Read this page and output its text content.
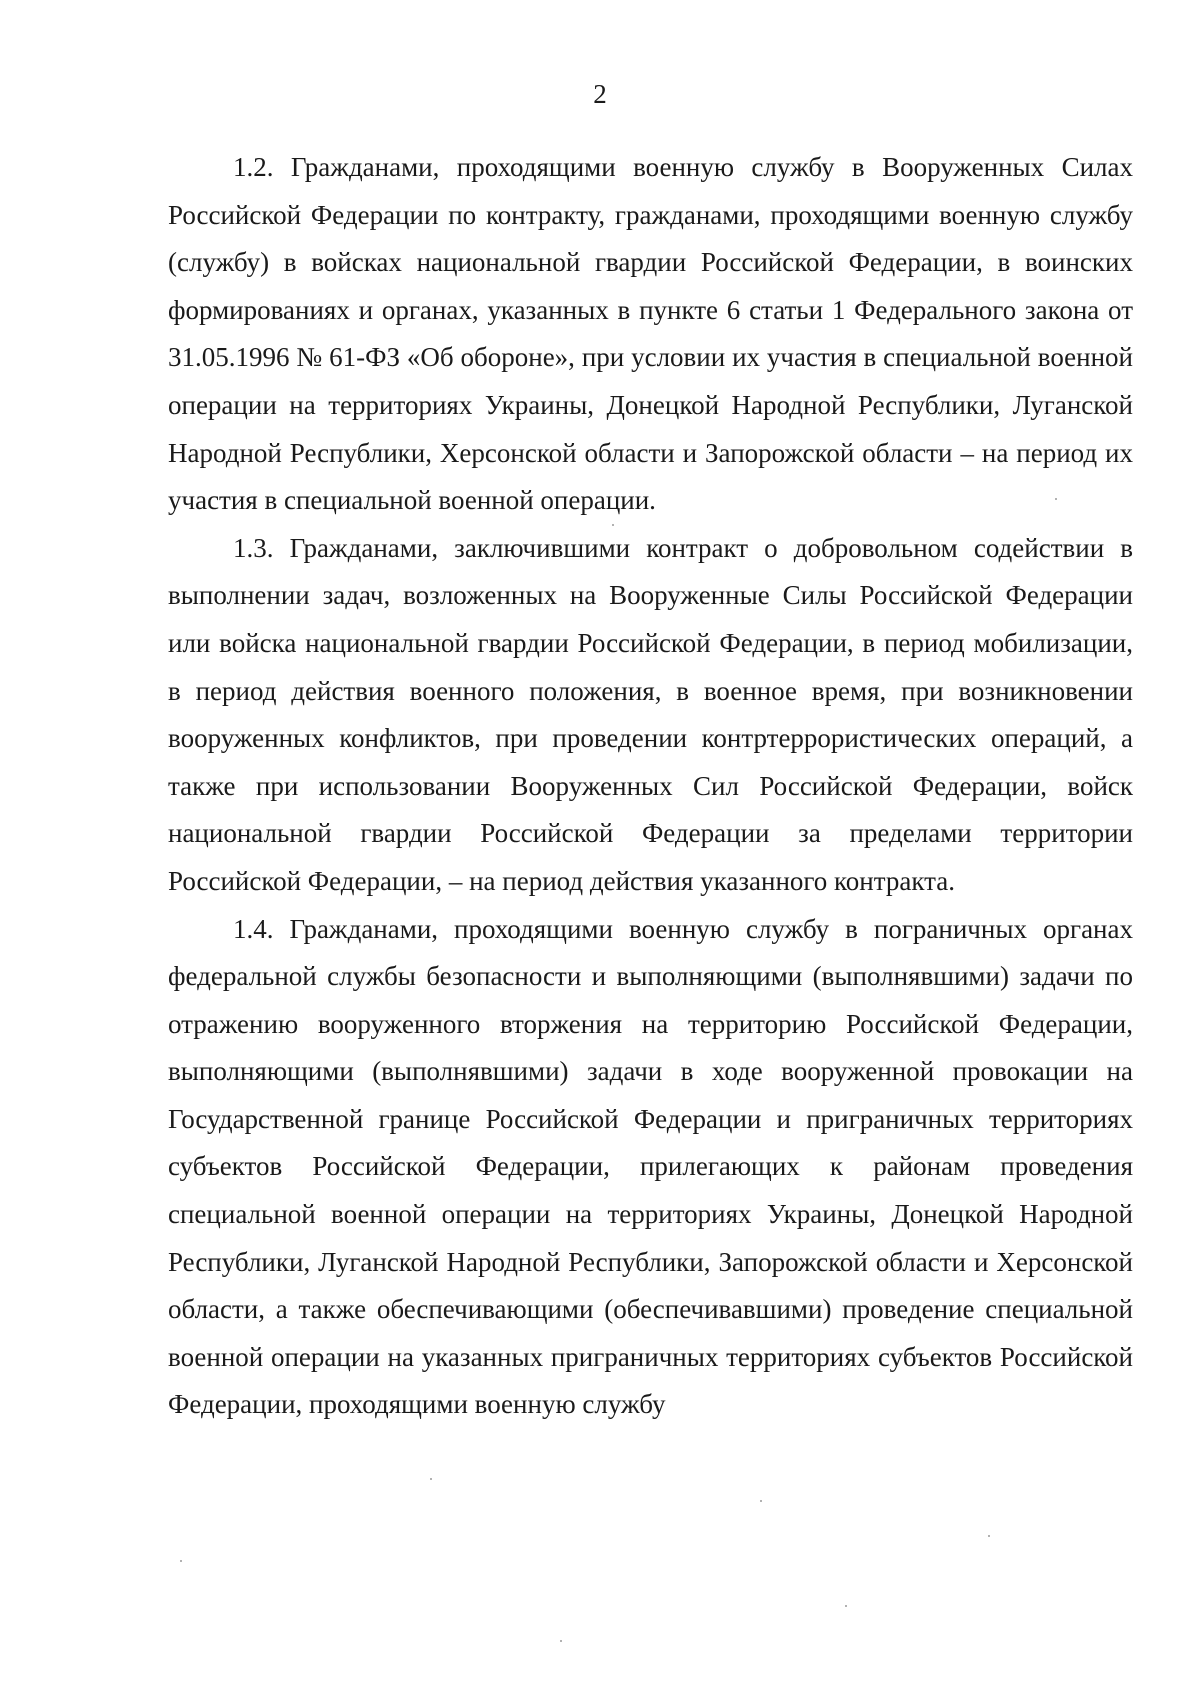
2

1.2. Гражданами, проходящими военную службу в Вооруженных Силах Российской Федерации по контракту, гражданами, проходящими военную службу (службу) в войсках национальной гвардии Российской Федерации, в воинских формированиях и органах, указанных в пункте 6 статьи 1 Федерального закона от 31.05.1996 № 61-ФЗ «Об обороне», при условии их участия в специальной военной операции на территориях Украины, Донецкой Народной Республики, Луганской Народной Республики, Херсонской области и Запорожской области – на период их участия в специальной военной операции.

1.3. Гражданами, заключившими контракт о добровольном содействии в выполнении задач, возложенных на Вооруженные Силы Российской Федерации или войска национальной гвардии Российской Федерации, в период мобилизации, в период действия военного положения, в военное время, при возникновении вооруженных конфликтов, при проведении контртеррористических операций, а также при использовании Вооруженных Сил Российской Федерации, войск национальной гвардии Российской Федерации за пределами территории Российской Федерации, – на период действия указанного контракта.

1.4. Гражданами, проходящими военную службу в пограничных органах федеральной службы безопасности и выполняющими (выполнявшими) задачи по отражению вооруженного вторжения на территорию Российской Федерации, выполняющими (выполнявшими) задачи в ходе вооруженной провокации на Государственной границе Российской Федерации и приграничных территориях субъектов Российской Федерации, прилегающих к районам проведения специальной военной операции на территориях Украины, Донецкой Народной Республики, Луганской Народной Республики, Запорожской области и Херсонской области, а также обеспечивающими (обеспечивавшими) проведение специальной военной операции на указанных приграничных территориях субъектов Российской Федерации, проходящими военную службу
